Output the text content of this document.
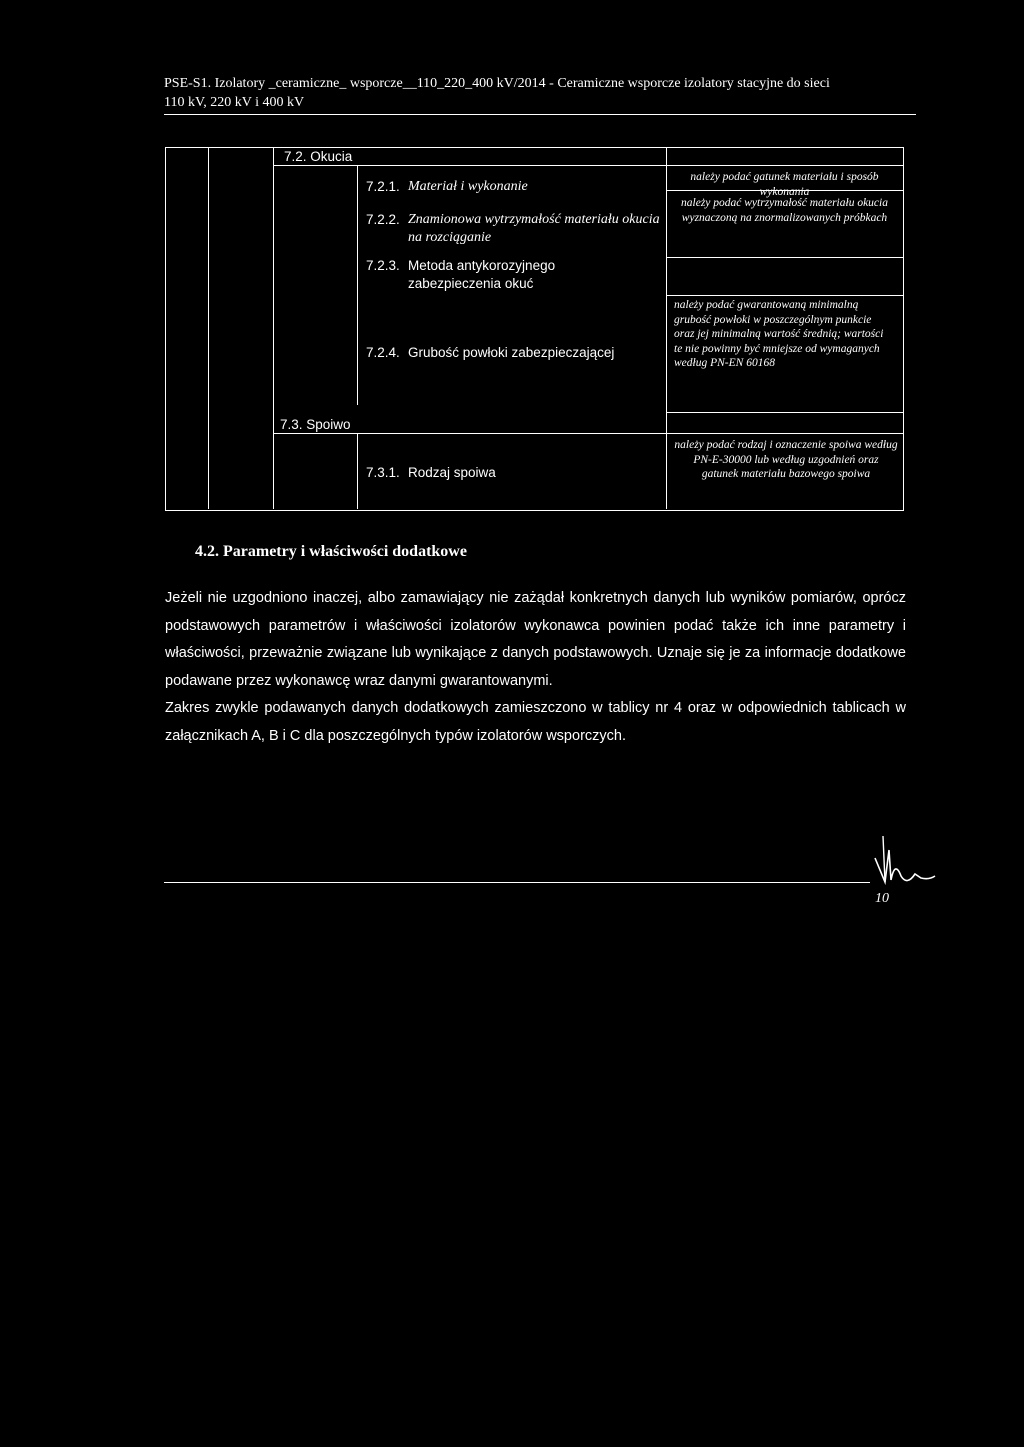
PSE-S1. Izolatory _ceramiczne_ wsporcze__110_220_400 kV/2014 - Ceramiczne wsporcze izolatory stacyjne do sieci
110 kV, 220 kV i 400 kV
7.2. Okucia
7.2.1. Materiał i wykonanie
należy podać gatunek materiału i sposób wykonania
7.2.2. Znamionowa wytrzymałość materiału okucia na rozciąganie
należy podać wytrzymałość materiału okucia wyznaczoną na znormalizowanych próbkach
7.2.3. Metoda antykorozyjnego zabezpieczenia okuć
7.2.4. Grubość powłoki zabezpieczającej
należy podać gwarantowaną minimalną grubość powłoki w poszczególnym punkcie oraz jej minimalną wartość średnią; wartości te nie powinny być mniejsze od wymaganych według PN-EN 60168
7.3. Spoiwo
7.3.1. Rodzaj spoiwa
należy podać rodzaj i oznaczenie spoiwa według PN-E-30000 lub według uzgodnień oraz gatunek materiału bazowego spoiwa
4.2. Parametry i właściwości dodatkowe

Jeżeli nie uzgodniono inaczej, albo zamawiający nie zażądał konkretnych danych lub wyników pomiarów, oprócz podstawowych parametrów i właściwości izolatorów wykonawca powinien podać także ich inne parametry i właściwości, przeważnie związane lub wynikające z danych podstawowych. Uznaje się je za informacje dodatkowe podawane przez wykonawcę wraz danymi gwarantowanymi.

Zakres zwykle podawanych danych dodatkowych zamieszczono w tablicy nr 4 oraz w odpowiednich tablicach w załącznikach A, B i C dla poszczególnych typów izolatorów wsporczych.

10
